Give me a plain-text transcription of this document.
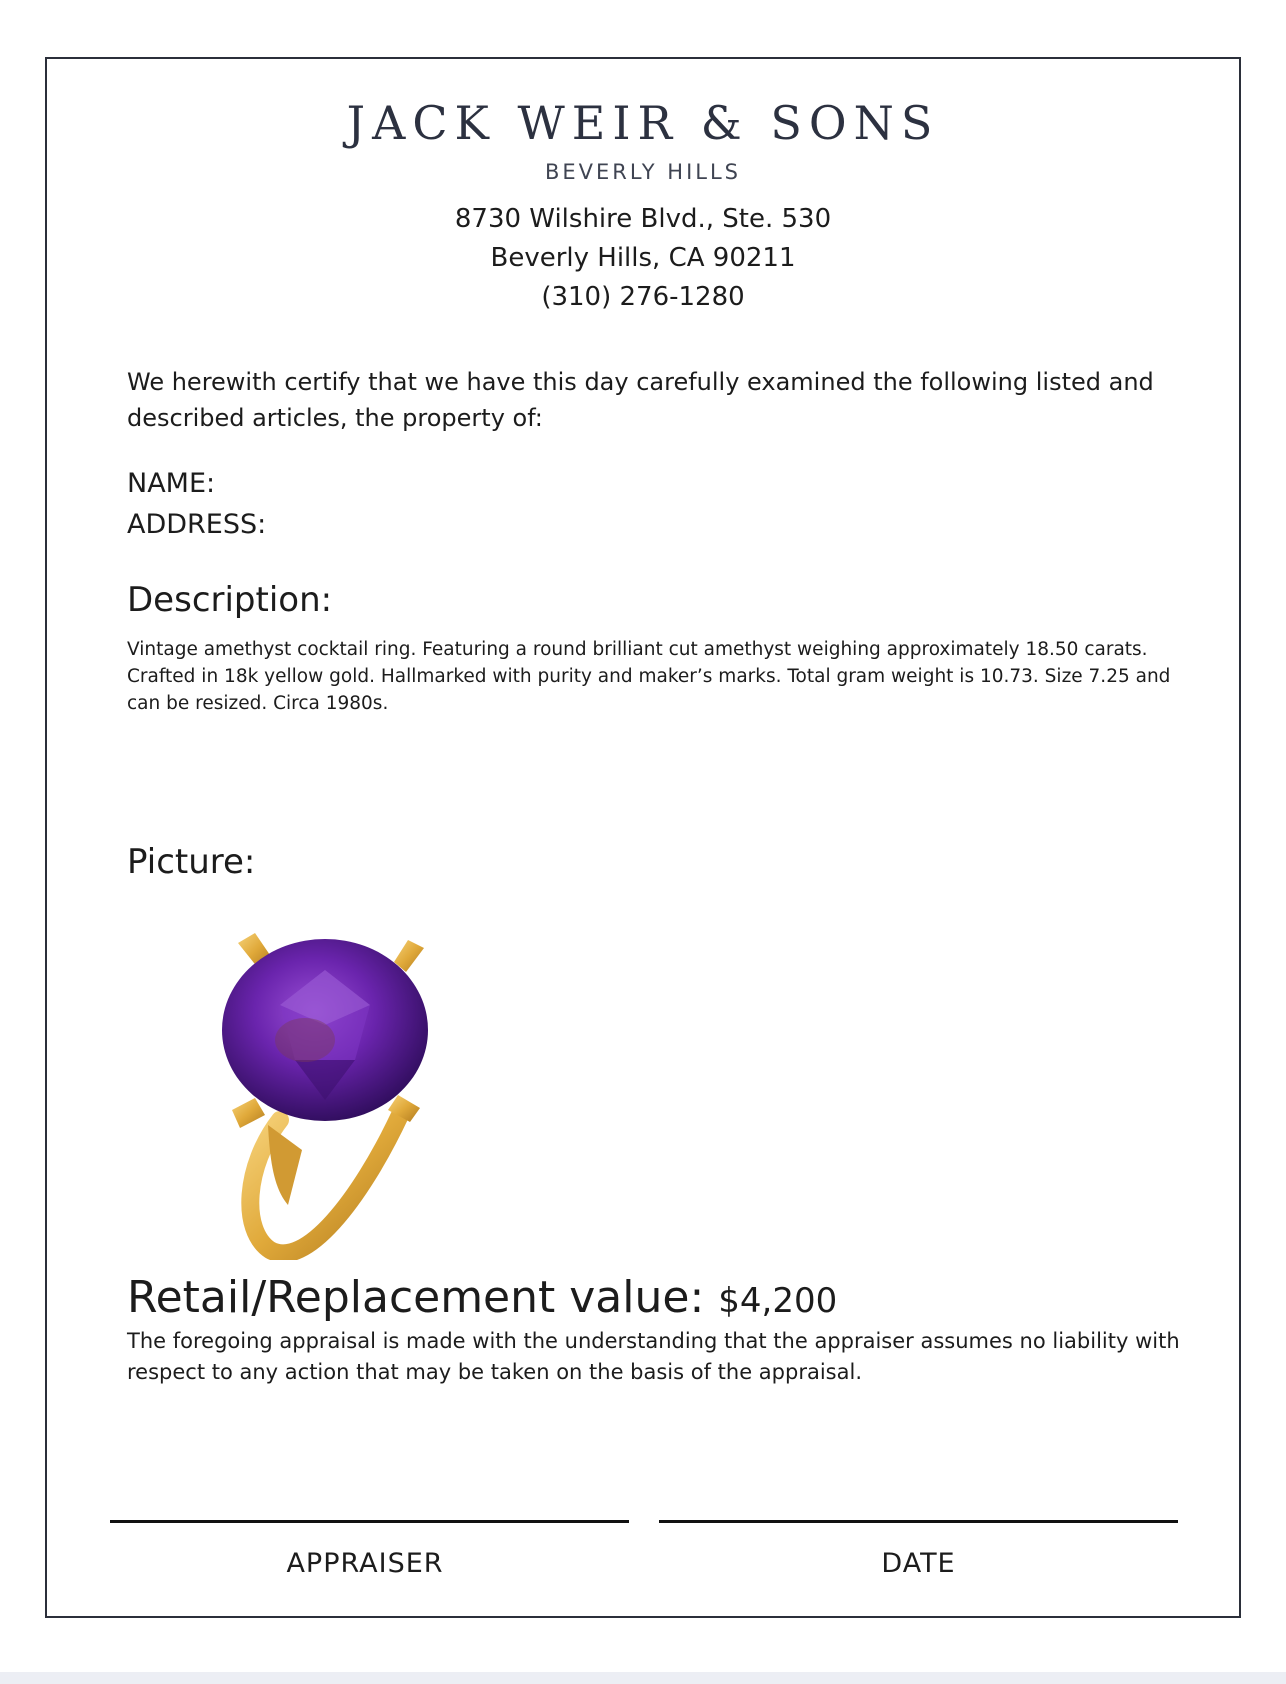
JACK WEIR & SONS
BEVERLY HILLS
8730 Wilshire Blvd., Ste. 530
Beverly Hills, CA 90211
(310) 276-1280
We herewith certify that we have this day carefully examined the following listed and described articles, the property of:
NAME:
ADDRESS:
Description:
Vintage amethyst cocktail ring. Featuring a round brilliant cut amethyst weighing approximately 18.50 carats. Crafted in 18k yellow gold. Hallmarked with purity and maker’s marks. Total gram weight is 10.73. Size 7.25 and can be resized. Circa 1980s.
Picture:
Retail/Replacement value: $4,200
The foregoing appraisal is made with the understanding that the appraiser assumes no liability with respect to any action that may be taken on the basis of the appraisal.
APPRAISER	DATE
